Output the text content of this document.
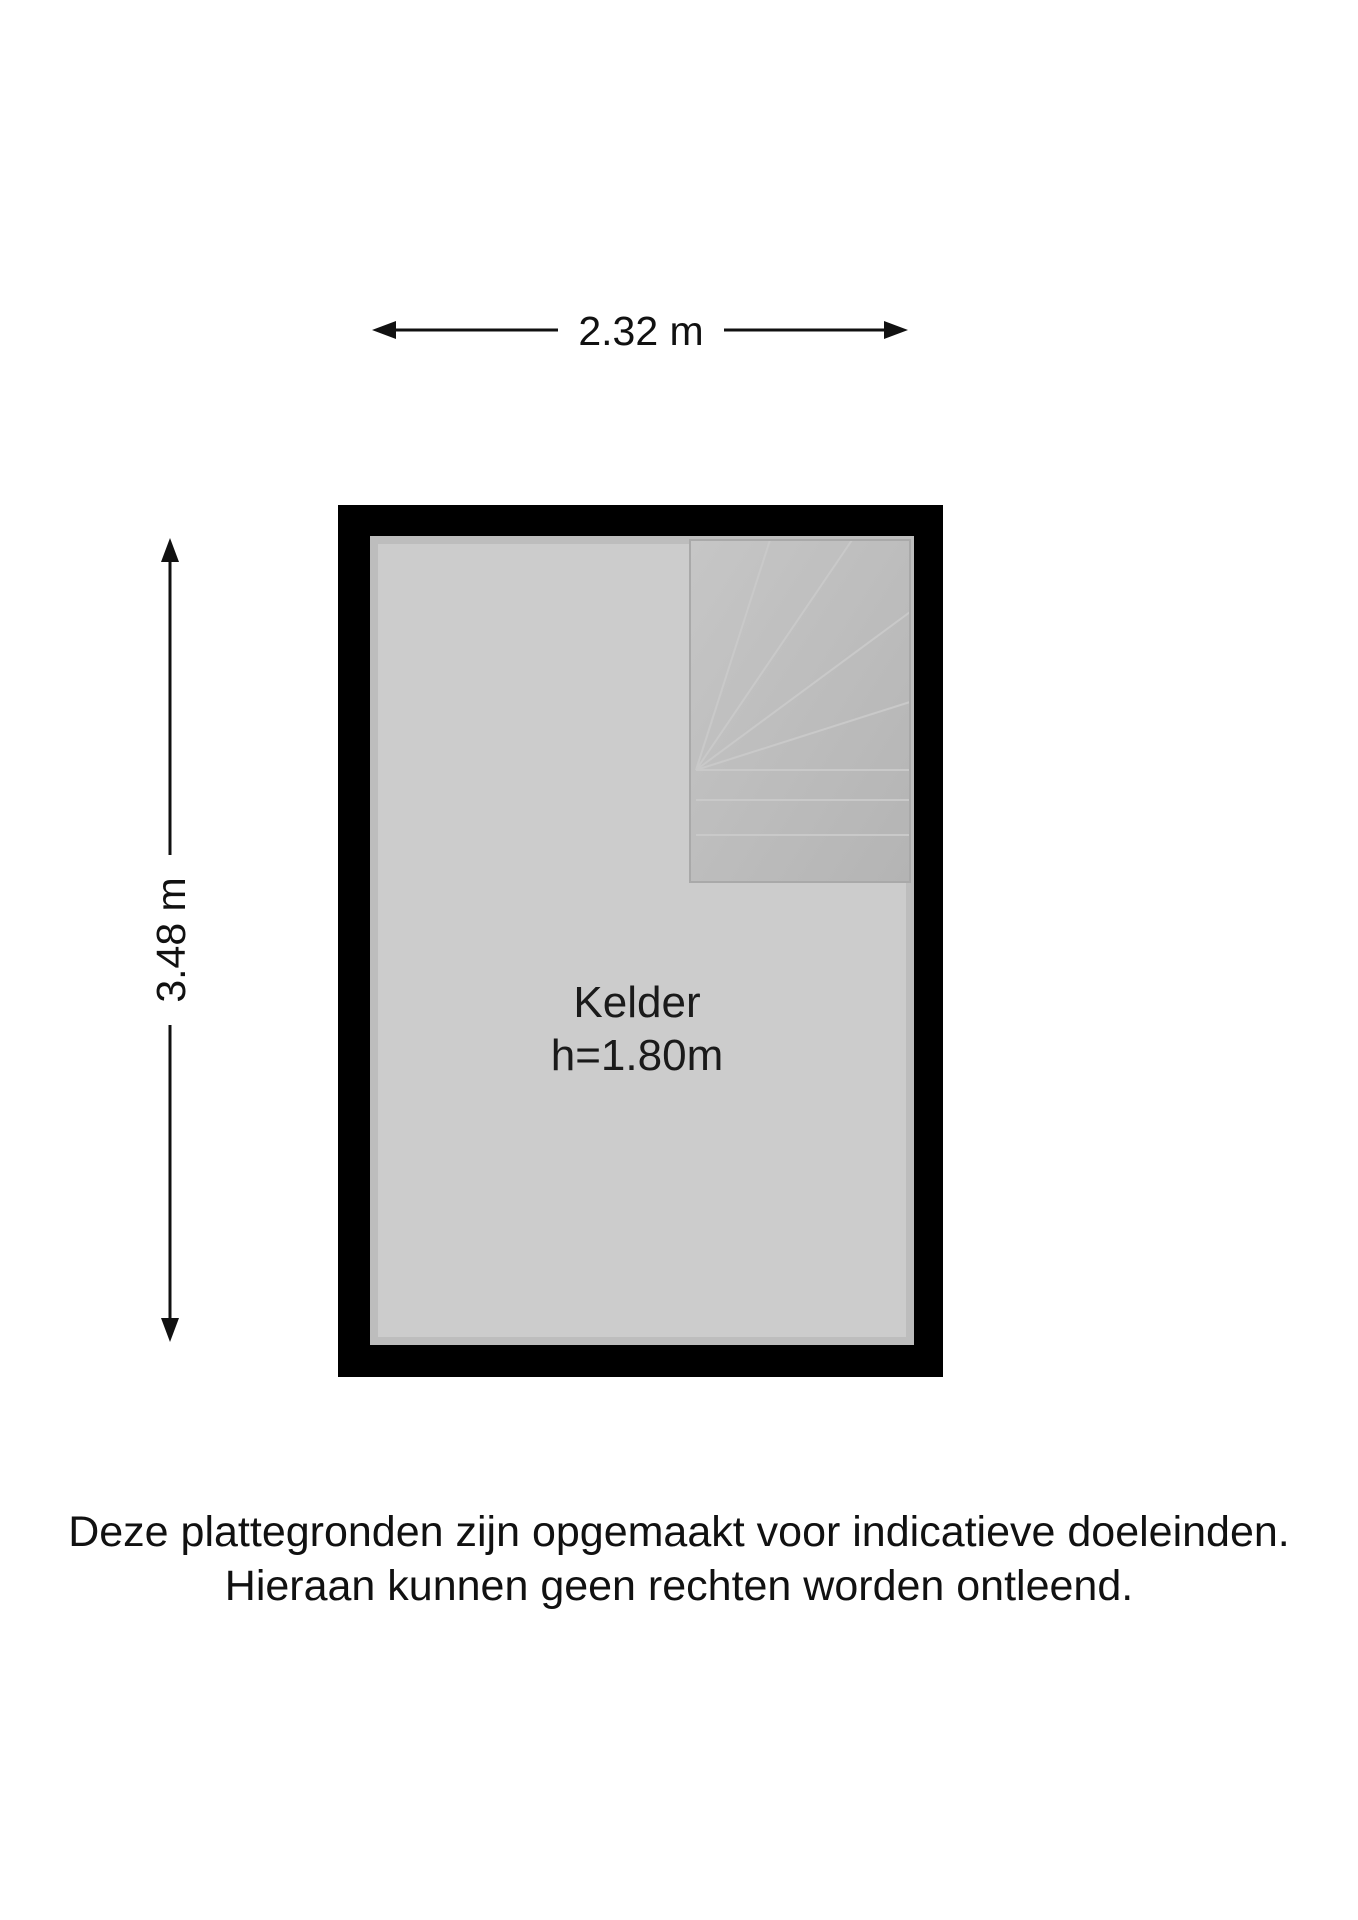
2.32 m
3.48 m	Kelder
h=1.80m
Deze plattegronden zijn opgemaakt voor indicatieve doeleinden.
Hieraan kunnen geen rechten worden ontleend.
